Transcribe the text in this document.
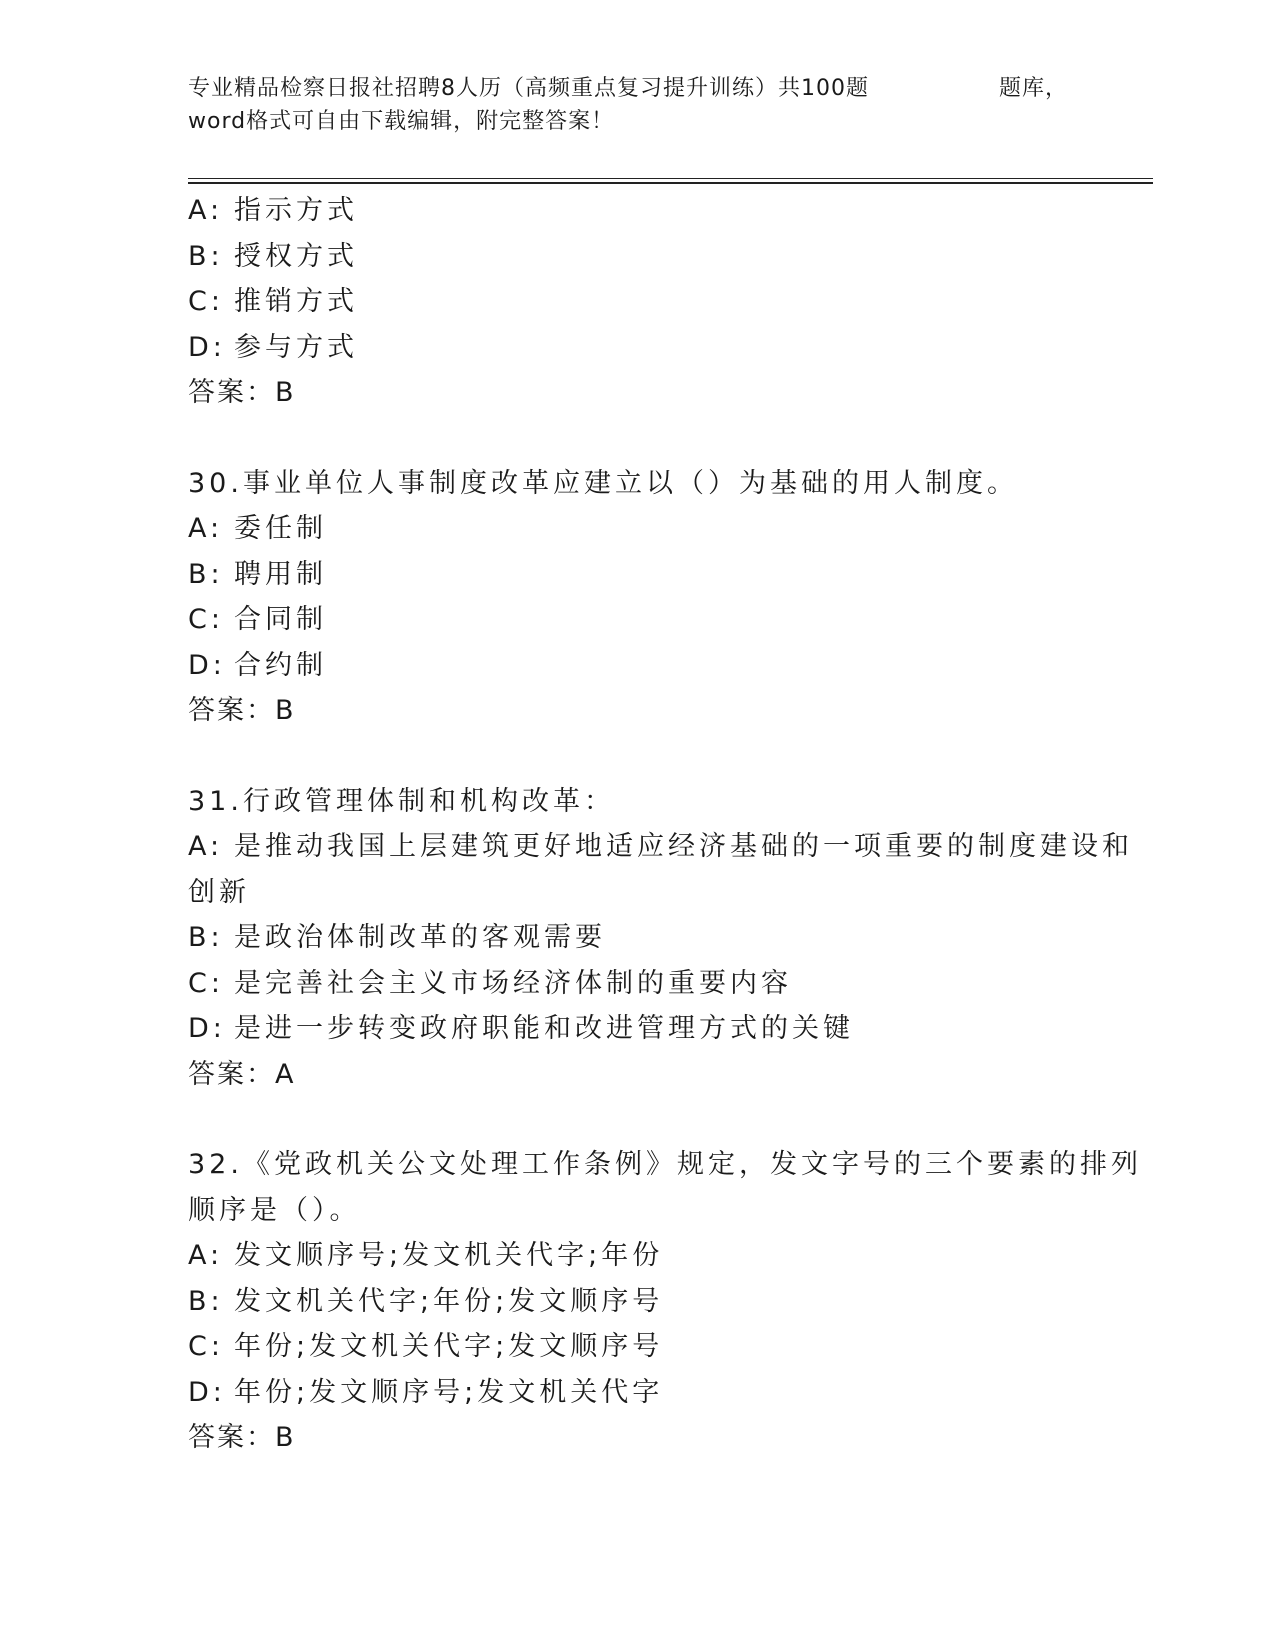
专业精品检察日报社招聘8人历（高频重点复习提升训练）共100题	题库，
word格式可自由下载编辑，附完整答案！
A: 指示方式
B: 授权方式
C: 推销方式
D: 参与方式
答案：B
30.事业单位人事制度改革应建立以（）为基础的用人制度。
A: 委任制
B: 聘用制
C: 合同制
D: 合约制
答案：B
31.行政管理体制和机构改革：
A: 是推动我国上层建筑更好地适应经济基础的一项重要的制度建设和
创新
B: 是政治体制改革的客观需要
C: 是完善社会主义市场经济体制的重要内容
D: 是进一步转变政府职能和改进管理方式的关键
答案：A
32.《党政机关公文处理工作条例》规定，发文字号的三个要素的排列
顺序是（）。
A: 发文顺序号;发文机关代字;年份
B: 发文机关代字;年份;发文顺序号
C: 年份;发文机关代字;发文顺序号
D: 年份;发文顺序号;发文机关代字
答案：B
